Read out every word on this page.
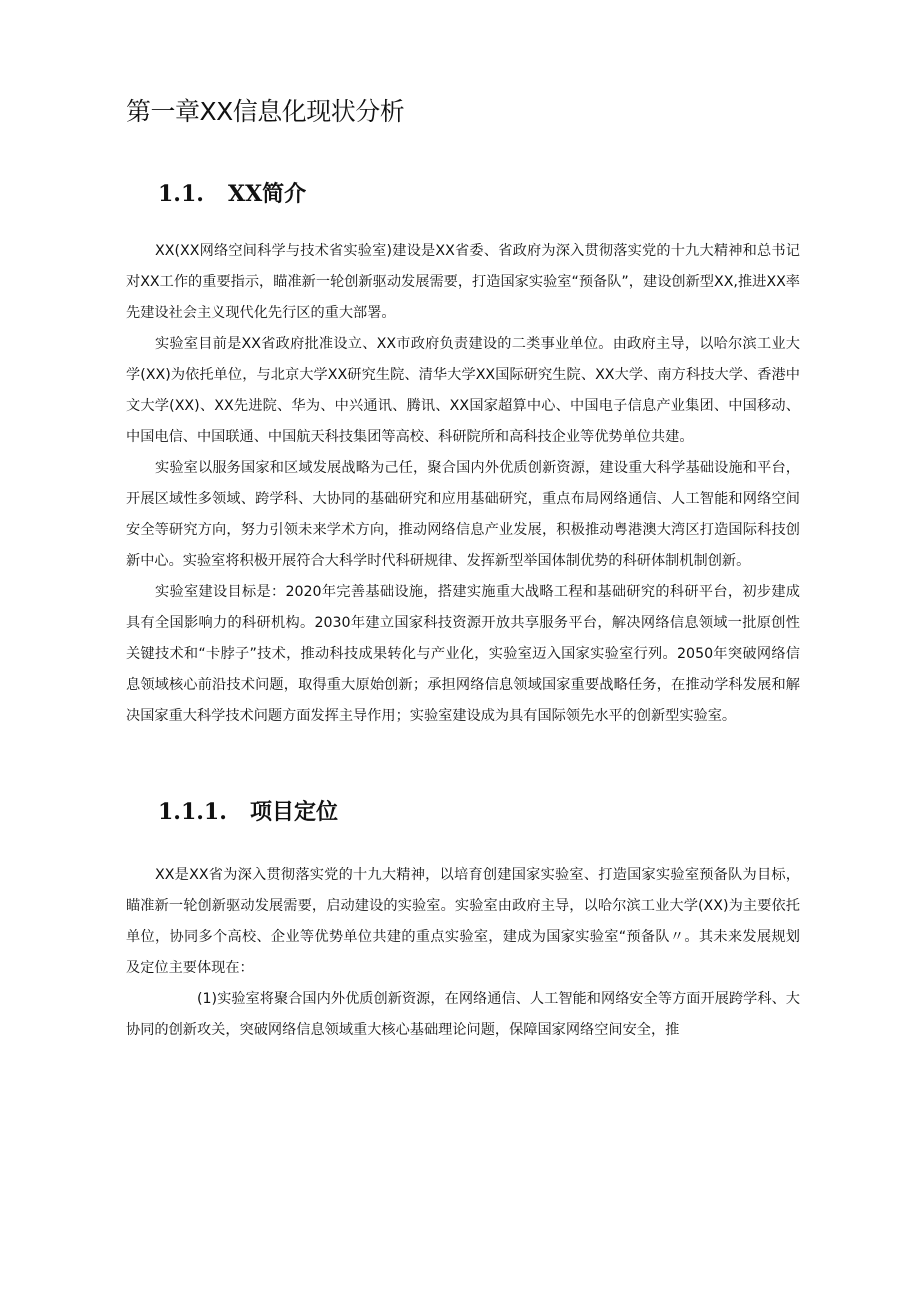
第一章XX信息化现状分析
1.1. XX简介

XX(XX网络空间科学与技术省实验室)建设是XX省委、省政府为深入贯彻落实党的十九大精神和总书记对XX工作的重要指示，瞄准新一轮创新驱动发展需要，打造国家实验室“预备队”，建设创新型XX,推进XX率先建设社会主义现代化先行区的重大部署。

实验室目前是XX省政府批准设立、XX市政府负责建设的二类事业单位。由政府主导，以哈尔滨工业大学(XX)为依托单位，与北京大学XX研究生院、清华大学XX国际研究生院、XX大学、南方科技大学、香港中文大学(XX)、XX先进院、华为、中兴通讯、腾讯、XX国家超算中心、中国电子信息产业集团、中国移动、中国电信、中国联通、中国航天科技集团等高校、科研院所和高科技企业等优势单位共建。

实验室以服务国家和区域发展战略为己任，聚合国内外优质创新资源，建设重大科学基础设施和平台，开展区域性多领域、跨学科、大协同的基础研究和应用基础研究，重点布局网络通信、人工智能和网络空间安全等研究方向，努力引领未来学术方向，推动网络信息产业发展，积极推动粤港澳大湾区打造国际科技创新中心。实验室将积极开展符合大科学时代科研规律、发挥新型举国体制优势的科研体制机制创新。

实验室建设目标是：2020年完善基础设施，搭建实施重大战略工程和基础研究的科研平台，初步建成具有全国影响力的科研机构。2030年建立国家科技资源开放共享服务平台，解决网络信息领域一批原创性关键技术和“卡脖子”技术，推动科技成果转化与产业化，实验室迈入国家实验室行列。2050年突破网络信息领域核心前沿技术问题，取得重大原始创新；承担网络信息领域国家重要战略任务，在推动学科发展和解决国家重大科学技术问题方面发挥主导作用；实验室建设成为具有国际领先水平的创新型实验室。

1.1.1. 项目定位

XX是XX省为深入贯彻落实党的十九大精神，以培育创建国家实验室、打造国家实验室预备队为目标，瞄准新一轮创新驱动发展需要，启动建设的实验室。实验室由政府主导，以哈尔滨工业大学(XX)为主要依托单位，协同多个高校、企业等优势单位共建的重点实验室，建成为国家实验室“预备队〃。其未来发展规划及定位主要体现在：

(1)实验室将聚合国内外优质创新资源，在网络通信、人工智能和网络安全等方面开展跨学科、大协同的创新攻关，突破网络信息领域重大核心基础理论问题，保障国家网络空间安全，推
